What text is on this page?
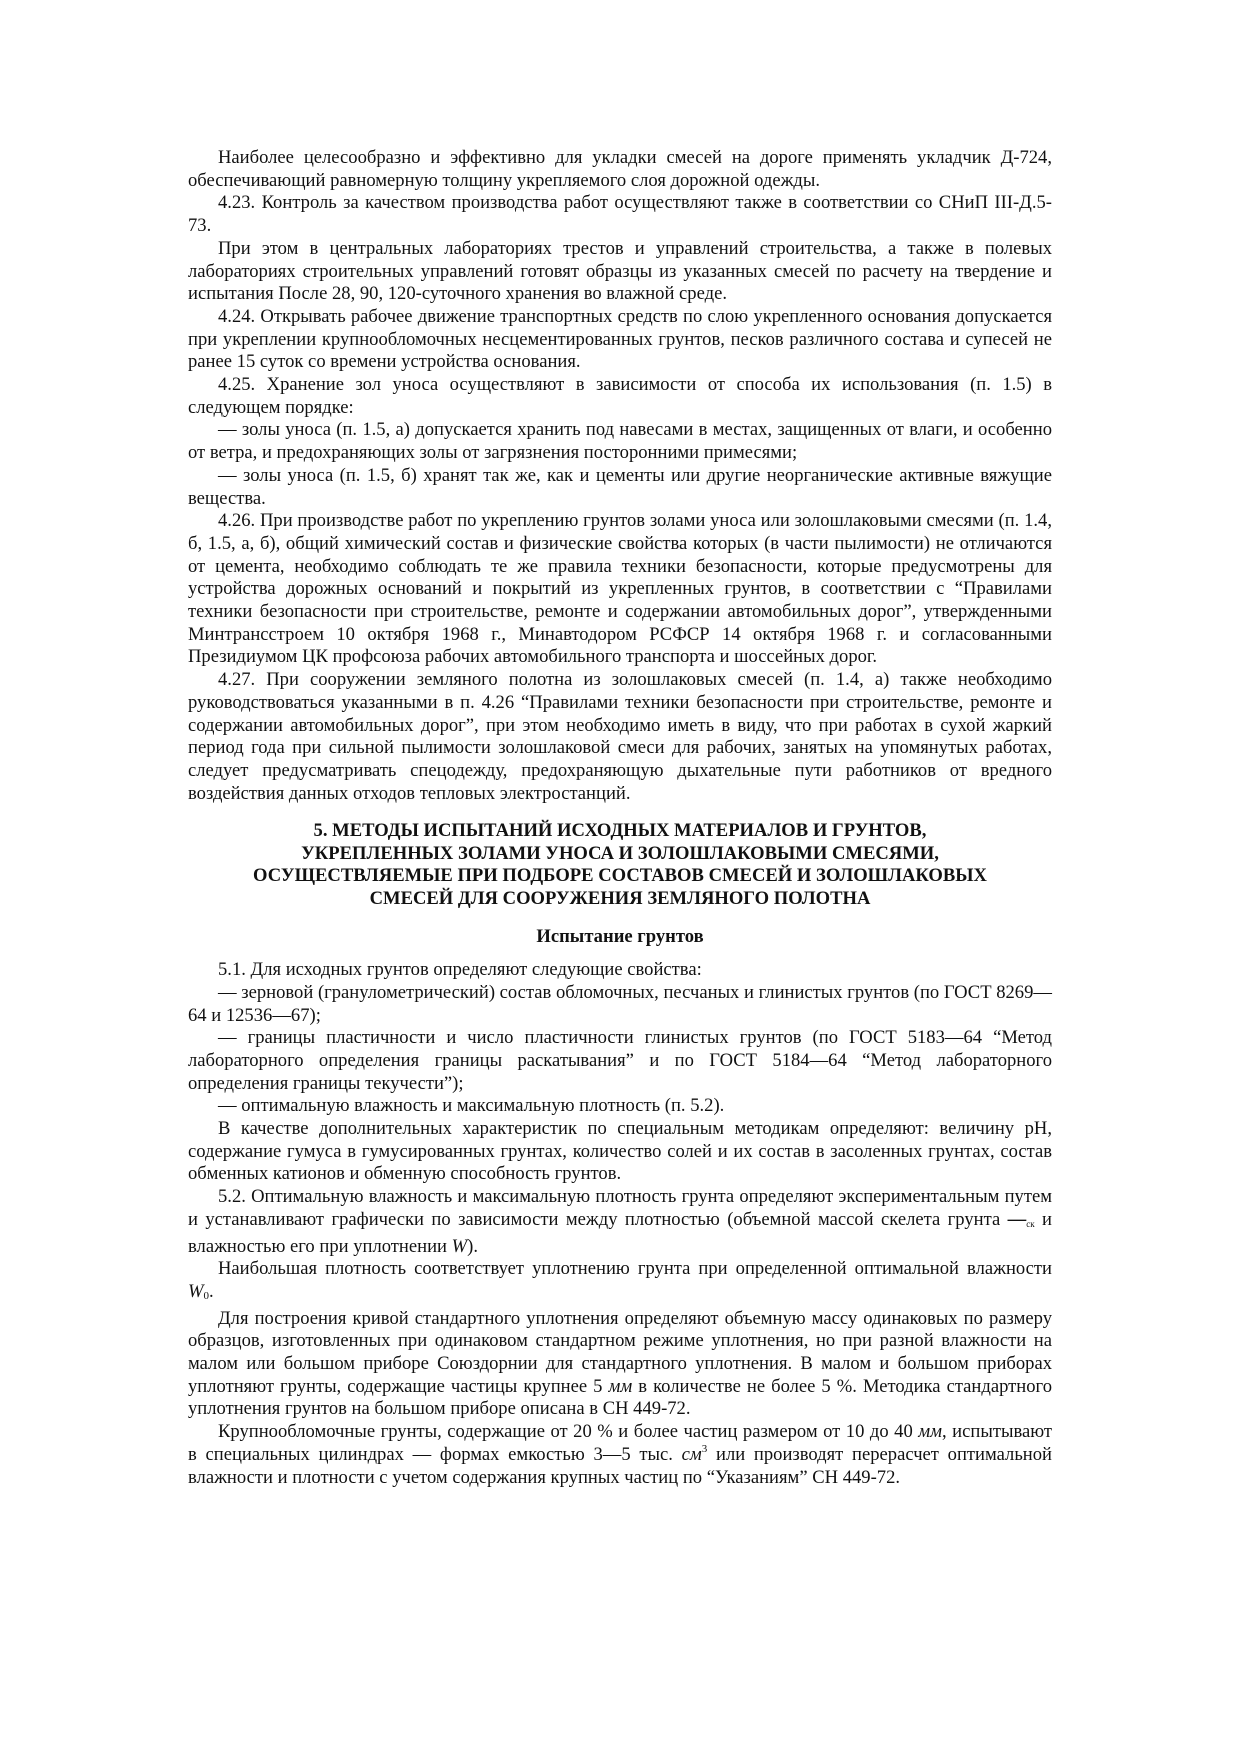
Наиболее целесообразно и эффективно для укладки смесей на дороге применять укладчик Д-724, обеспечивающий равномерную толщину укрепляемого слоя дорожной одежды.

4.23. Контроль за качеством производства работ осуществляют также в соответствии со СНиП III-Д.5-73.

При этом в центральных лабораториях трестов и управлений строительства, а также в полевых лабораториях строительных управлений готовят образцы из указанных смесей по расчету на твердение и испытания После 28, 90, 120-суточного хранения во влажной среде.

4.24. Открывать рабочее движение транспортных средств по слою укрепленного основания допускается при укреплении крупнообломочных несцементированных грунтов, песков различного состава и супесей не ранее 15 суток со времени устройства основания.

4.25. Хранение зол уноса осуществляют в зависимости от способа их использования (п. 1.5) в следующем порядке:

— золы уноса (п. 1.5, а) допускается хранить под навесами в местах, защищенных от влаги, и особенно от ветра, и предохраняющих золы от загрязнения посторонними примесями;

— золы уноса (п. 1.5, б) хранят так же, как и цементы или другие неорганические активные вяжущие вещества.

4.26. При производстве работ по укреплению грунтов золами уноса или золошлаковыми смесями (п. 1.4, б, 1.5, а, б), общий химический состав и физические свойства которых (в части пылимости) не отличаются от цемента, необходимо соблюдать те же правила техники безопасности, которые предусмотрены для устройства дорожных оснований и покрытий из укрепленных грунтов, в соответствии с “Правилами техники безопасности при строительстве, ремонте и содержании автомобильных дорог”, утвержденными Минтрансстроем 10 октября 1968 г., Минавтодором РСФСР 14 октября 1968 г. и согласованными Президиумом ЦК профсоюза рабочих автомобильного транспорта и шоссейных дорог.

4.27. При сооружении земляного полотна из золошлаковых смесей (п. 1.4, а) также необходимо руководствоваться указанными в п. 4.26 “Правилами техники безопасности при строительстве, ремонте и содержании автомобильных дорог”, при этом необходимо иметь в виду, что при работах в сухой жаркий период года при сильной пылимости золошлаковой смеси для рабочих, занятых на упомянутых работах, следует предусматривать спецодежду, предохраняющую дыхательные пути работников от вредного воздействия данных отходов тепловых электростанций.

5. МЕТОДЫ ИСПЫТАНИЙ ИСХОДНЫХ МАТЕРИАЛОВ И ГРУНТОВ,
УКРЕПЛЕННЫХ ЗОЛАМИ УНОСА И ЗОЛОШЛАКОВЫМИ СМЕСЯМИ,
ОСУЩЕСТВЛЯЕМЫЕ ПРИ ПОДБОРЕ СОСТАВОВ СМЕСЕЙ И ЗОЛОШЛАКОВЫХ
СМЕСЕЙ ДЛЯ СООРУЖЕНИЯ ЗЕМЛЯНОГО ПОЛОТНА
Испытание грунтов

5.1. Для исходных грунтов определяют следующие свойства:

— зерновой (гранулометрический) состав обломочных, песчаных и глинистых грунтов (по ГОСТ 8269—64 и 12536—67);

— границы пластичности и число пластичности глинистых грунтов (по ГОСТ 5183—64 “Метод лабораторного определения границы раскатывания” и по ГОСТ 5184—64 “Метод лабораторного определения границы текучести”);

— оптимальную влажность и максимальную плотность (п. 5.2).

В качестве дополнительных характеристик по специальным методикам определяют: величину pH, содержание гумуса в гумусированных грунтах, количество солей и их состав в засоленных грунтах, состав обменных катионов и обменную способность грунтов.

5.2. Оптимальную влажность и максимальную плотность грунта определяют экспериментальным путем и устанавливают графически по зависимости между плотностью (объемной массой скелета грунта $—_{ск}$ и влажностью его при уплотнении W).

Наибольшая плотность соответствует уплотнению грунта при определенной оптимальной влажности $W_0$.

Для построения кривой стандартного уплотнения определяют объемную массу одинаковых по размеру образцов, изготовленных при одинаковом стандартном режиме уплотнения, но при разной влажности на малом или большом приборе Союздорнии для стандартного уплотнения. В малом и большом приборах уплотняют грунты, содержащие частицы крупнее 5 мм в количестве не более 5 %. Методика стандартного уплотнения грунтов на большом приборе описана в СН 449-72.

Крупнообломочные грунты, содержащие от 20 % и более частиц размером от 10 до 40 мм, испытывают в специальных цилиндрах — формах емкостью 3—5 тыс. $см^3$ или производят перерасчет оптимальной влажности и плотности с учетом содержания крупных частиц по “Указаниям” СН 449-72.
